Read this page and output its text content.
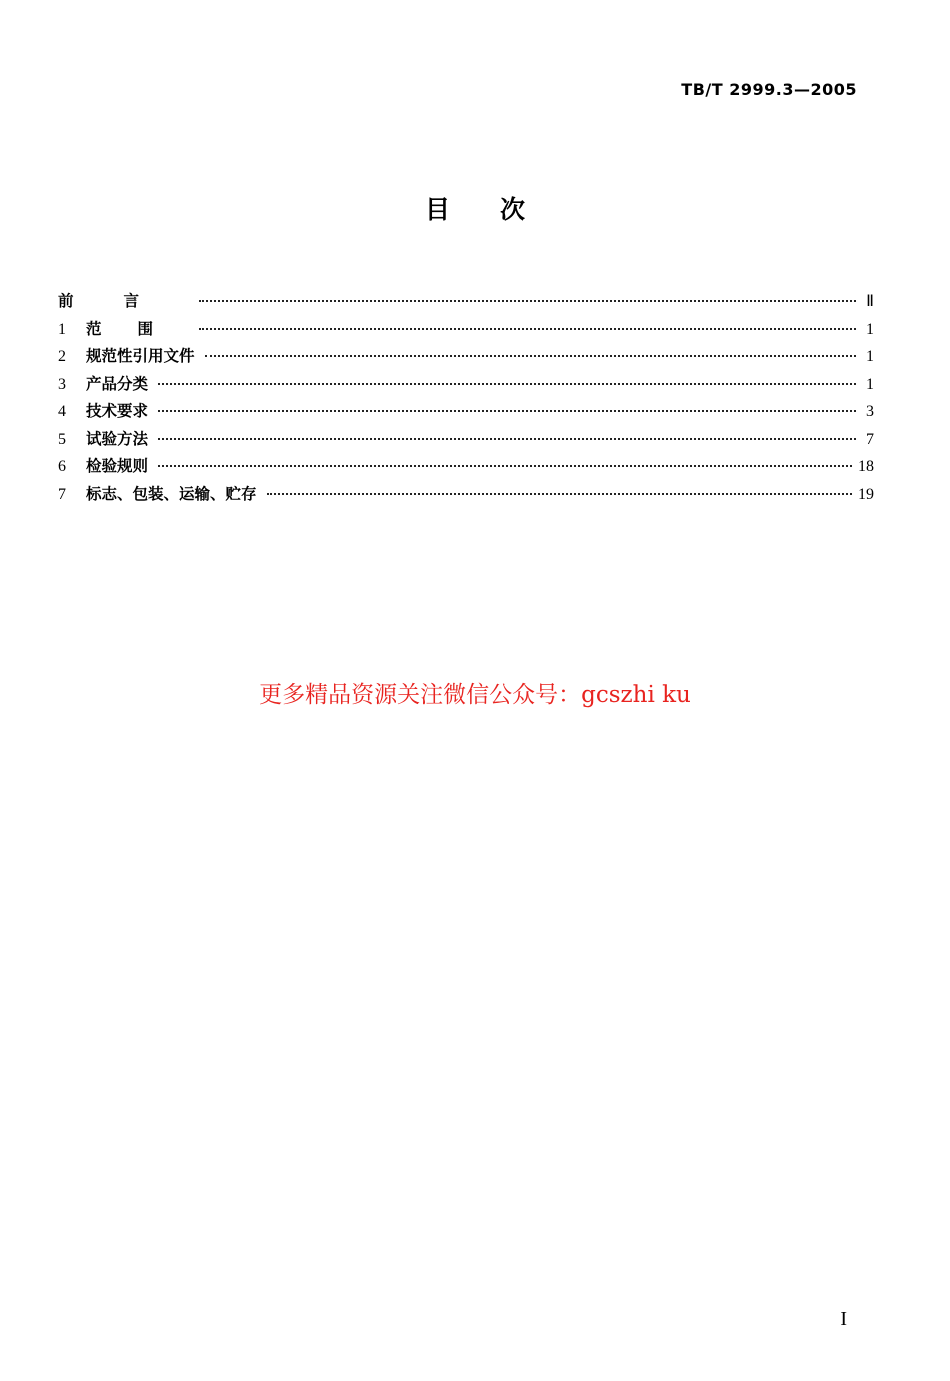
TB/T 2999.3—2005
目 次
前言	Ⅱ
1	范围	1
2	规范性引用文件	1
3	产品分类	1
4	技术要求	3
5	试验方法	7
6	检验规则	18
7	标志、包装、运输、贮存	19
更多精品资源关注微信公众号：gcszhi ku
I
